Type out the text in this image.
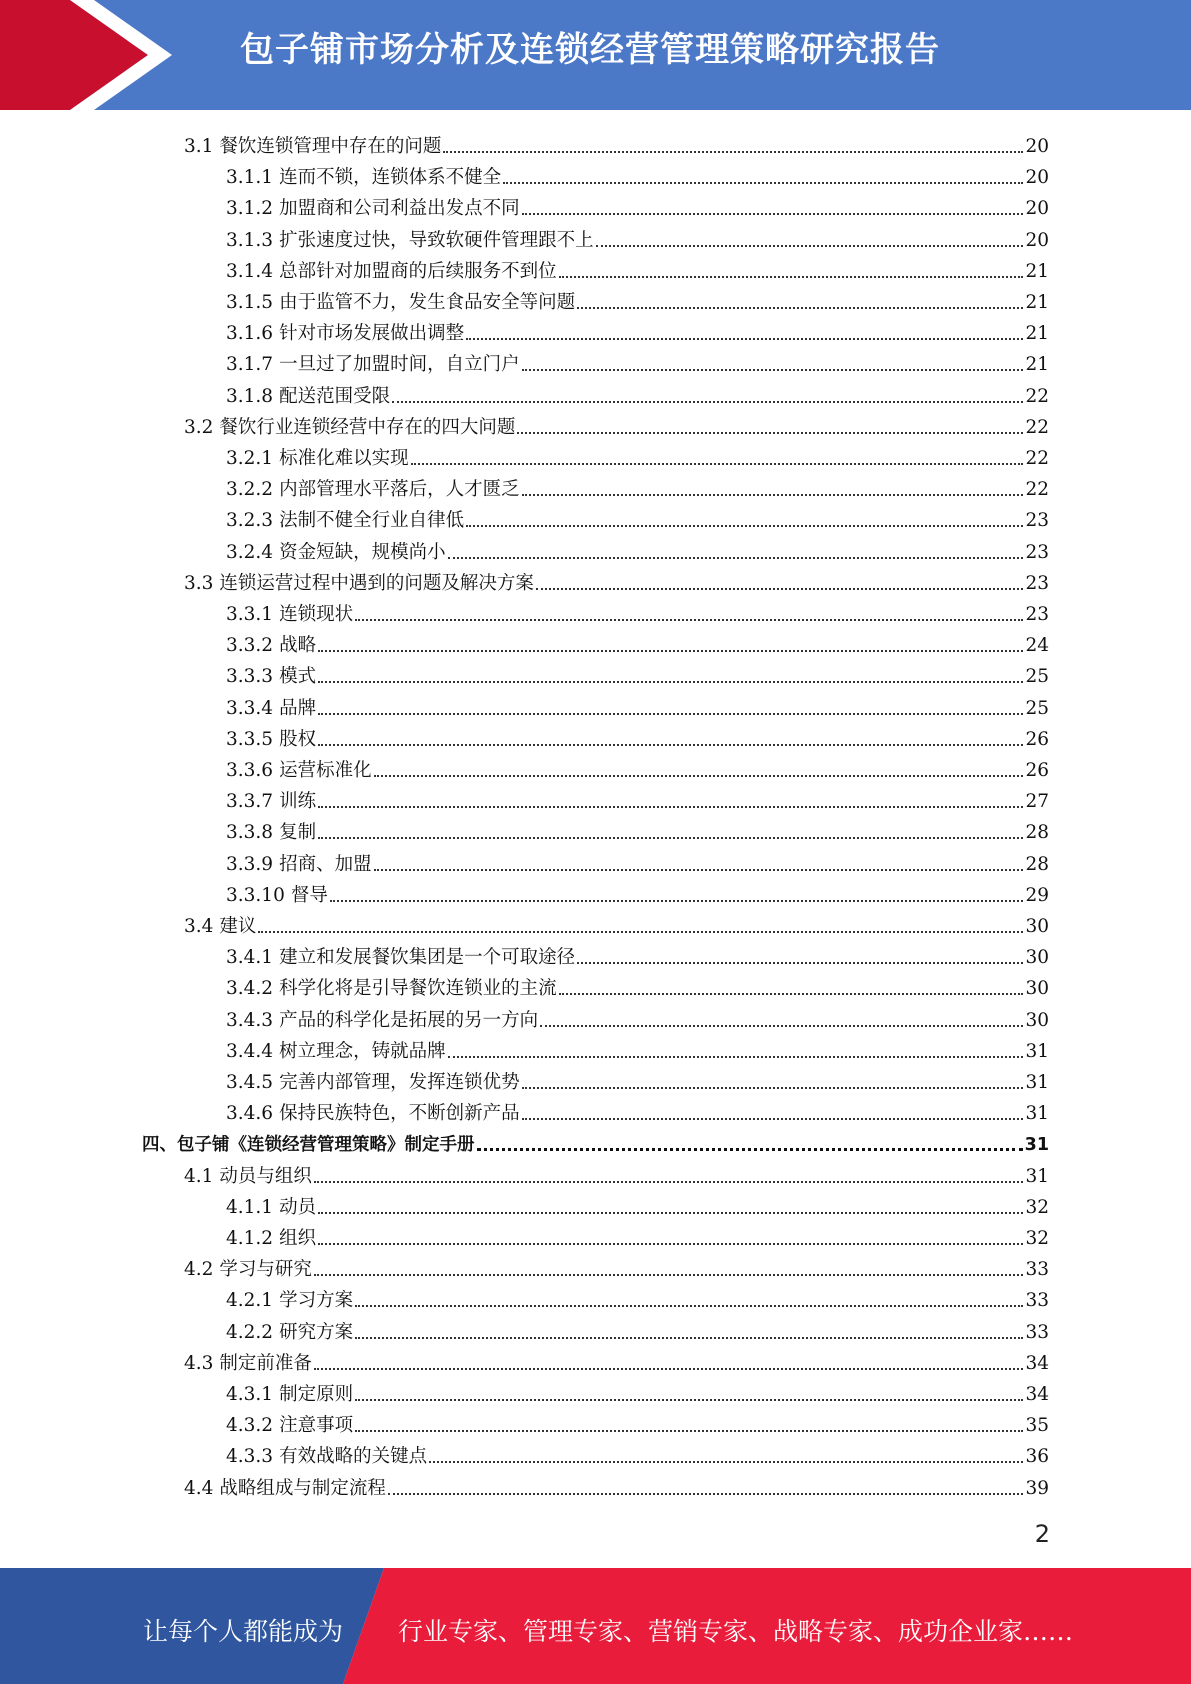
包子铺市场分析及连锁经营管理策略研究报告
3.1 餐饮连锁管理中存在的问题	20
3.1.1 连而不锁，连锁体系不健全	20
3.1.2 加盟商和公司利益出发点不同	20
3.1.3 扩张速度过快，导致软硬件管理跟不上	20
3.1.4 总部针对加盟商的后续服务不到位	21
3.1.5 由于监管不力，发生食品安全等问题	21
3.1.6 针对市场发展做出调整	21
3.1.7 一旦过了加盟时间，自立门户	21
3.1.8 配送范围受限	22
3.2 餐饮行业连锁经营中存在的四大问题	22
3.2.1 标准化难以实现	22
3.2.2 内部管理水平落后，人才匮乏	22
3.2.3 法制不健全行业自律低	23
3.2.4 资金短缺，规模尚小	23
3.3 连锁运营过程中遇到的问题及解决方案	23
3.3.1 连锁现状	23
3.3.2 战略	24
3.3.3 模式	25
3.3.4 品牌	25
3.3.5 股权	26
3.3.6 运营标准化	26
3.3.7 训练	27
3.3.8 复制	28
3.3.9 招商、加盟	28
3.3.10 督导	29
3.4 建议	30
3.4.1 建立和发展餐饮集团是一个可取途径	30
3.4.2 科学化将是引导餐饮连锁业的主流	30
3.4.3 产品的科学化是拓展的另一方向	30
3.4.4 树立理念，铸就品牌	31
3.4.5 完善内部管理，发挥连锁优势	31
3.4.6 保持民族特色，不断创新产品	31
四、 包子铺《连锁经营管理策略》制定手册	31
4.1 动员与组织	31
4.1.1 动员	32
4.1.2 组织	32
4.2 学习与研究	33
4.2.1 学习方案	33
4.2.2 研究方案	33
4.3 制定前准备	34
4.3.1 制定原则	34
4.3.2 注意事项	35
4.3.3 有效战略的关键点	36
4.4 战略组成与制定流程	39
2
让每个人都能成为 行业专家、管理专家、营销专家、战略专家、成功企业家……
